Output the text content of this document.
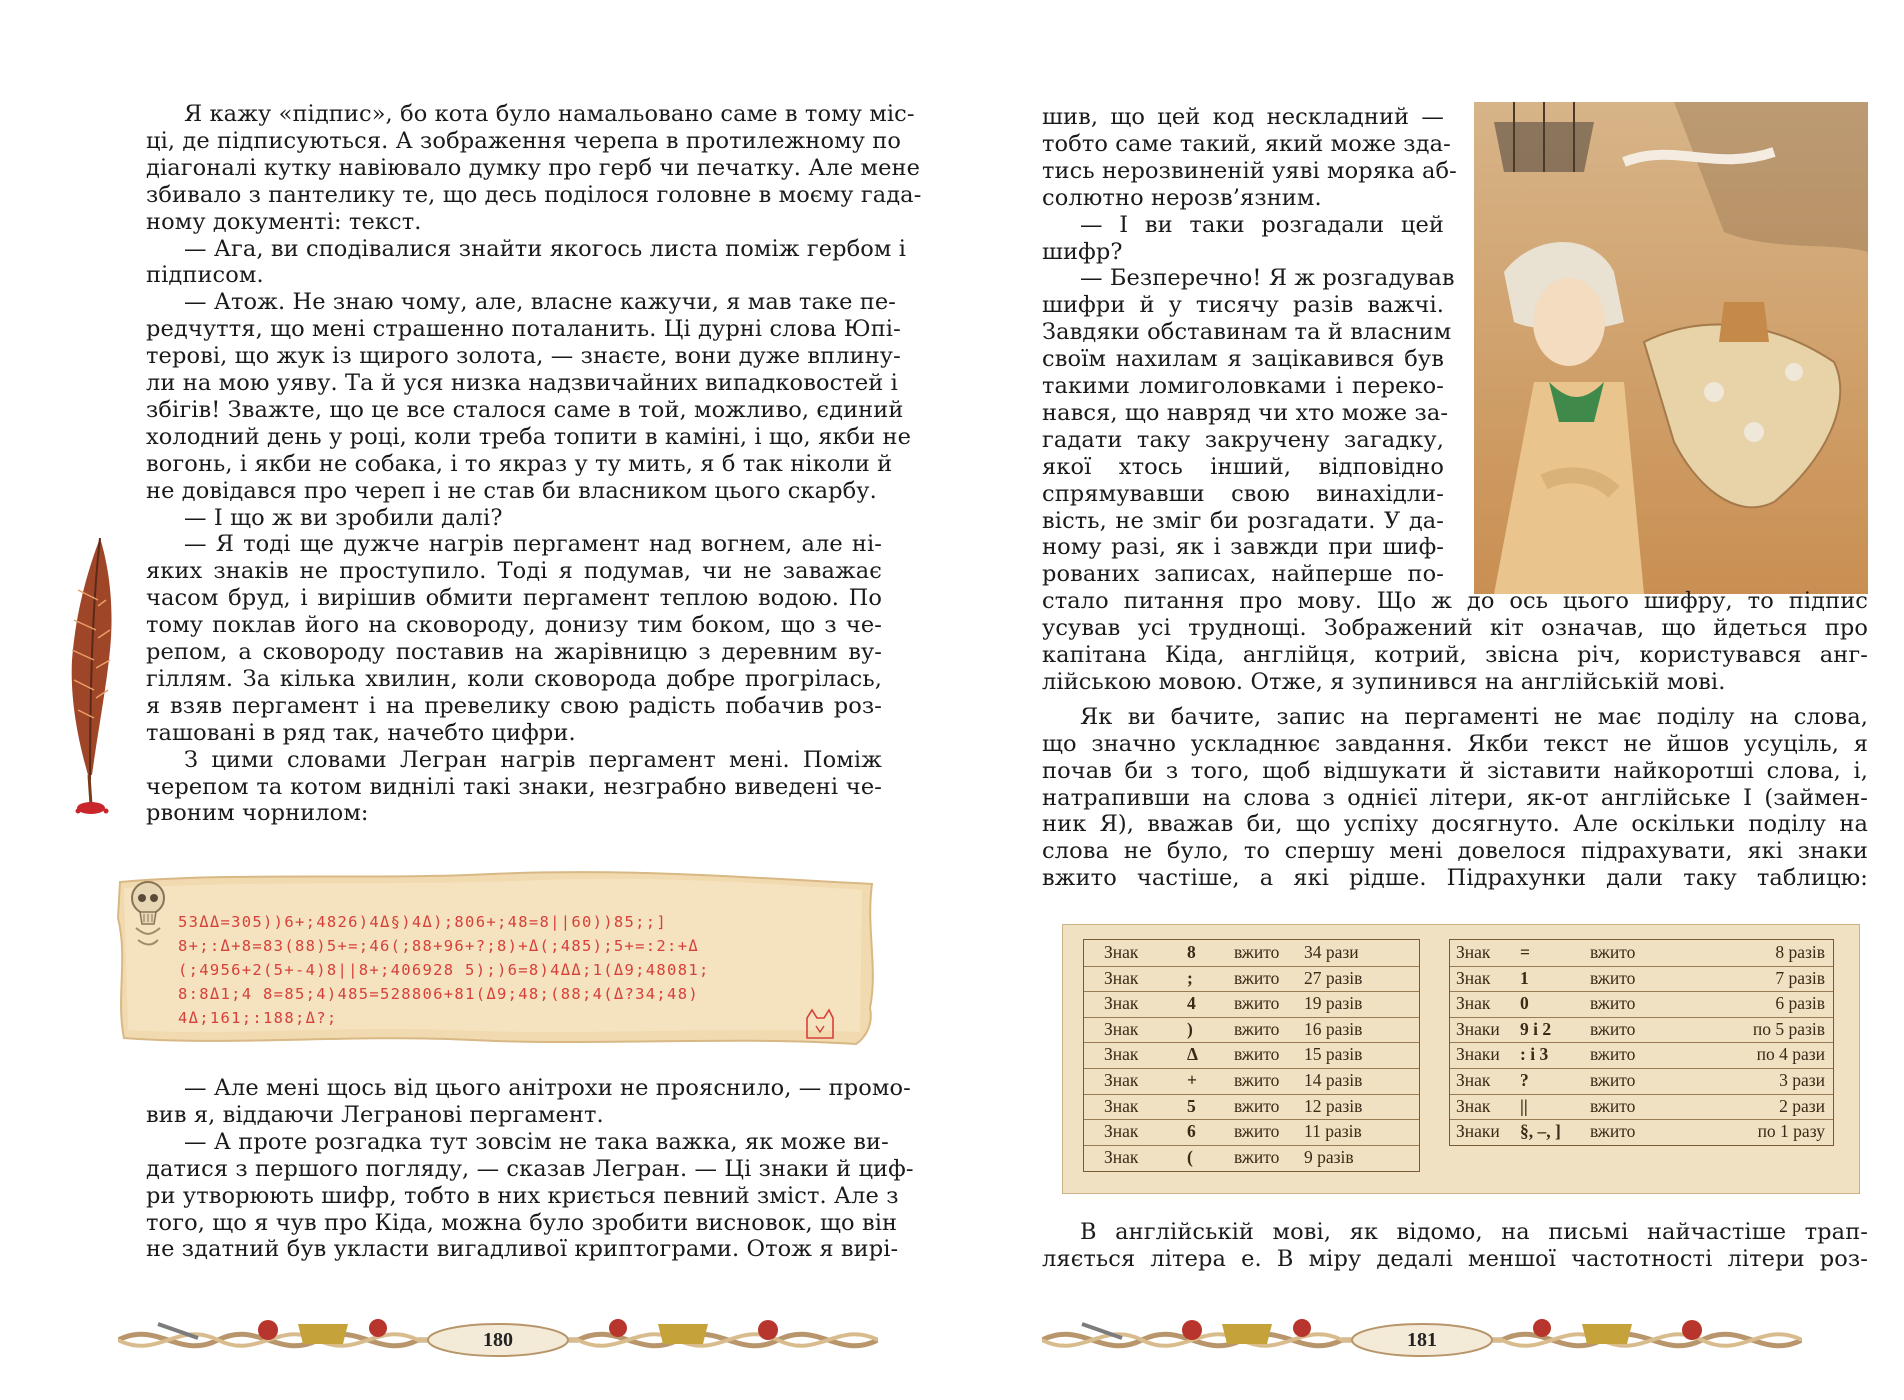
Я кажу «підпис», бо кота було намальовано саме в тому міс-
ці, де підписуються. А зображення черепа в протилежному по
діагоналі кутку навіювало думку про герб чи печатку. Але мене
збивало з пантелику те, що десь поділося головне в моєму гада-
ному документі: текст.
— Ага, ви сподівалися знайти якогось листа поміж гербом і
підписом.
— Атож. Не знаю чому, але, власне кажучи, я мав таке пе-
редчуття, що мені страшенно поталанить. Ці дурні слова Юпі-
терові, що жук із щирого золота, — знаєте, вони дуже вплину-
ли на мою уяву. Та й уся низка надзвичайних випадковостей і
збігів! Зважте, що це все сталося саме в той, можливо, єдиний
холодний день у році, коли треба топити в каміні, і що, якби не
вогонь, і якби не собака, і то якраз у ту мить, я б так ніколи й
не довідався про череп і не став би власником цього скарбу.
— І що ж ви зробили далі?
— Я тоді ще дужче нагрів пергамент над вогнем, але ні-
яких знаків не проступило. Тоді я подумав, чи не заважає
часом бруд, і вирішив обмити пергамент теплою водою. По
тому поклав його на сковороду, донизу тим боком, що з че-
репом, а сковороду поставив на жарівницю з деревним ву-
гіллям. За кілька хвилин, коли сковорода добре прогрілась,
я взяв пергамент і на превелику свою радість побачив роз-
ташовані в ряд так, начебто цифри.
З цими словами Легран нагрів пергамент мені. Поміж
черепом та котом виднілі такі знаки, незграбно виведені че-
рвоним чорнилом:
53ΔΔ=305))6+;4826)4Δ§)4Δ);806+;48=8||60))85;;]
8+;:Δ+8=83(88)5+=;46(;88+96+?;8)+Δ(;485);5+=:2:+Δ
(;4956+2(5+-4)8||8+;406928 5);)6=8)4ΔΔ;1(Δ9;48081;
8:8Δ1;4 8=85;4)485=528806+81(Δ9;48;(88;4(Δ?34;48)
4Δ;161;:188;Δ?;
— Але мені щось від цього анітрохи не прояснило, — промо-
вив я, віддаючи Легранові пергамент.
— А проте розгадка тут зовсім не така важка, як може ви-
датися з першого погляду, — сказав Легран. — Ці знаки й циф-
ри утворюють шифр, тобто в них криється певний зміст. Але з
того, що я чув про Кіда, можна було зробити висновок, що він
не здатний був укласти вигадливої криптограми. Отож я вирі-
180
шив, що цей код нескладний —
тобто саме такий, який може зда-
тись нерозвиненій уяві моряка аб-
солютно нерозв’язним.
— І ви таки розгадали цей
шифр?
— Безперечно! Я ж розгадував
шифри й у тисячу разів важчі.
Завдяки обставинам та й власним
своїм нахилам я зацікавився був
такими ломиголовками і переко-
нався, що навряд чи хто може за-
гадати таку закручену загадку,
якої хтось інший, відповідно
спрямувавши свою винахідли-
вість, не зміг би розгадати. У да-
ному разі, як і завжди при шиф-
рованих записах, найперше по-
стало питання про мову. Що ж до ось цього шифру, то підпис
усував усі труднощі. Зображений кіт означав, що йдеться про
капітана Кіда, англійця, котрий, звісна річ, користувався анг-
лійською мовою. Отже, я зупинився на англійській мові.
Як ви бачите, запис на пергаменті не має поділу на слова,
що значно ускладнює завдання. Якби текст не йшов усуціль, я
почав би з того, щоб відшукати й зіставити найкоротші слова, і,
натрапивши на слова з однієї літери, як-от англійське I (займен-
ник Я), вважав би, що успіху досягнуто. Але оскільки поділу на
слова не було, то спершу мені довелося підрахувати, які знаки
вжито частіше, а які рідше. Підрахунки дали таку таблицю:
Знак	8 вжито 34 рази
Знак	; вжито 27 разів
Знак	4 вжито 19 разів
Знак	) вжито 16 разів
Знак	Δ вжито 15 разів
Знак	+ вжито 14 разів
Знак	5 вжито 12 разів
Знак	6 вжито 11 разів
Знак	( вжито 9 разів
Знак =	вжито	8 разів
Знак 1	вжито	7 разів
Знак 0	вжито	6 разів
Знаки 9 і 2 вжито	по 5 разів
Знаки : і 3 вжито	по 4 рази
Знак ?	вжито	3 рази
Знак ||	вжито	2 рази
Знаки §, –, ] вжито	по 1 разу
В англійській мові, як відомо, на письмі найчастіше трап-
ляється літера е. В міру дедалі меншої частотності літери роз-
181
